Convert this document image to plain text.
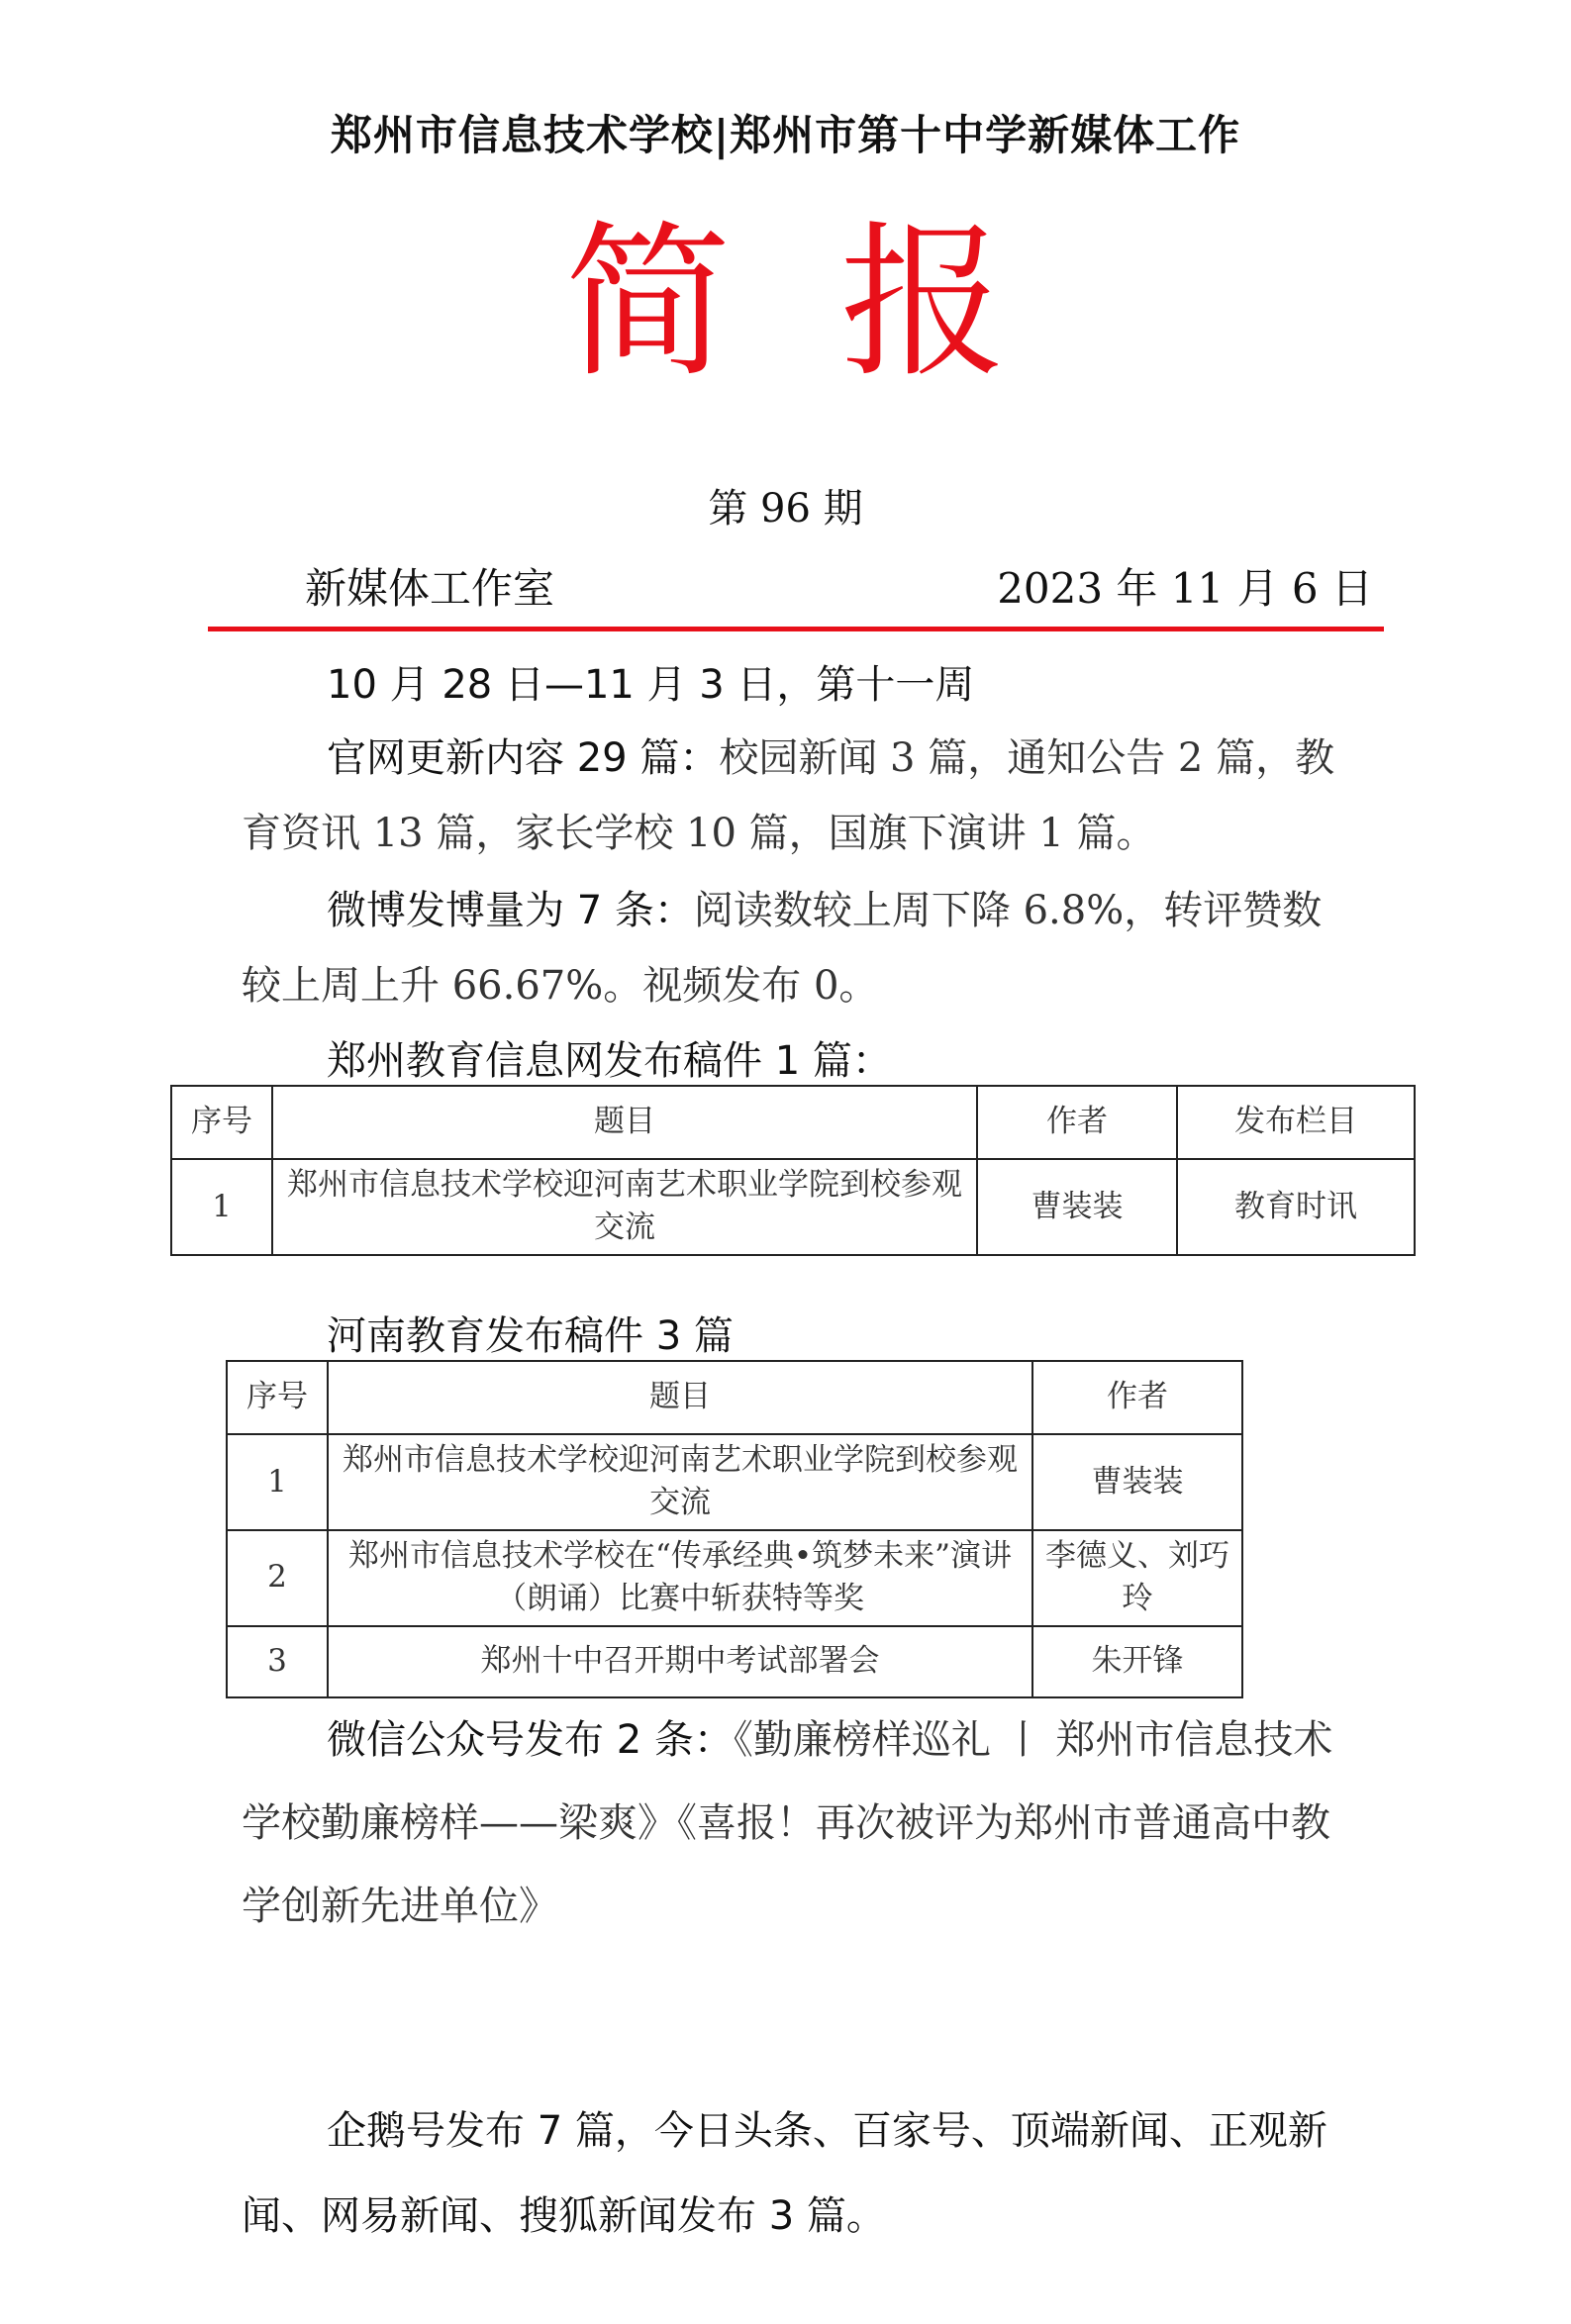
郑州市信息技术学校|郑州市第十中学新媒体工作
简报
第 96 期
新媒体工作室	2023 年 11 月 6 日
10 月 28 日—11 月 3 日，第十一周
官网更新内容 29 篇：校园新闻 3 篇，通知公告 2 篇，教育资讯 13 篇，家长学校 10 篇，国旗下演讲 1 篇。
微博发博量为 7 条：阅读数较上周下降 6.8%，转评赞数较上周上升 66.67%。视频发布 0。
郑州教育信息网发布稿件 1 篇：
序号	题目	作者	发布栏目
1	郑州市信息技术学校迎河南艺术职业学院到校参观交流	曹装装	教育时讯
河南教育发布稿件 3 篇
序号	题目	作者
1	郑州市信息技术学校迎河南艺术职业学院到校参观交流	曹装装
2	郑州市信息技术学校在“传承经典•筑梦未来”演讲（朗诵）比赛中斩获特等奖	李德义、刘巧玲
3	郑州十中召开期中考试部署会	朱开锋
微信公众号发布 2 条：《勤廉榜样巡礼 丨 郑州市信息技术学校勤廉榜样——梁爽》《喜报！再次被评为郑州市普通高中教学创新先进单位》
企鹅号发布 7 篇，今日头条、百家号、顶端新闻、正观新闻、网易新闻、搜狐新闻发布 3 篇。
